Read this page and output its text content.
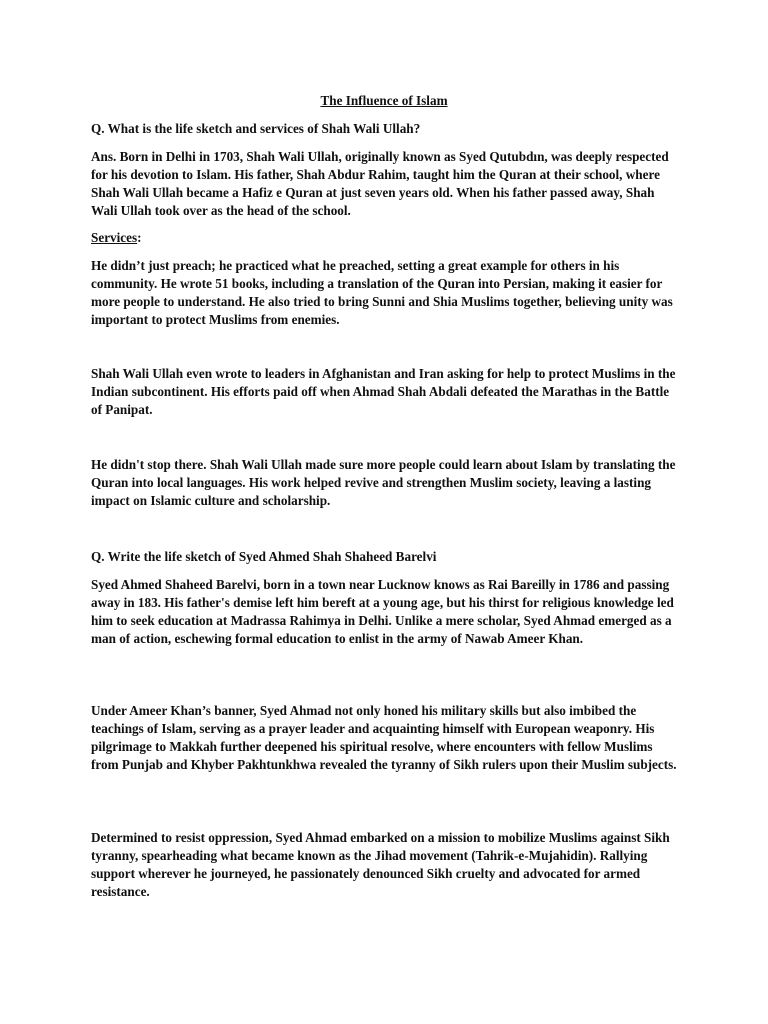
The Influence of Islam

Q. What is the life sketch and services of Shah Wali Ullah?

Ans. Born in Delhi in 1703, Shah Wali Ullah, originally known as Syed Qutubdın, was deeply respected for his devotion to Islam. His father, Shah Abdur Rahim, taught him the Quran at their school, where Shah Wali Ullah became a Hafiz e Quran at just seven years old. When his father passed away, Shah Wali Ullah took over as the head of the school.

Services:

He didn’t just preach; he practiced what he preached, setting a great example for others in his community. He wrote 51 books, including a translation of the Quran into Persian, making it easier for more people to understand. He also tried to bring Sunni and Shia Muslims together, believing unity was important to protect Muslims from enemies.

Shah Wali Ullah even wrote to leaders in Afghanistan and Iran asking for help to protect Muslims in the Indian subcontinent. His efforts paid off when Ahmad Shah Abdali defeated the Marathas in the Battle of Panipat.

He didn't stop there. Shah Wali Ullah made sure more people could learn about Islam by translating the Quran into local languages. His work helped revive and strengthen Muslim society, leaving a lasting impact on Islamic culture and scholarship.

Q. Write the life sketch of Syed Ahmed Shah Shaheed Barelvi

Syed Ahmed Shaheed Barelvi, born in a town near Lucknow knows as Rai Bareilly in 1786 and passing away in 183. His father's demise left him bereft at a young age, but his thirst for religious knowledge led him to seek education at Madrassa Rahimya in Delhi. Unlike a mere scholar, Syed Ahmad emerged as a man of action, eschewing formal education to enlist in the army of Nawab Ameer Khan.

Under Ameer Khan’s banner, Syed Ahmad not only honed his military skills but also imbibed the teachings of Islam, serving as a prayer leader and acquainting himself with European weaponry. His pilgrimage to Makkah further deepened his spiritual resolve, where encounters with fellow Muslims from Punjab and Khyber Pakhtunkhwa revealed the tyranny of Sikh rulers upon their Muslim subjects.

Determined to resist oppression, Syed Ahmad embarked on a mission to mobilize Muslims against Sikh tyranny, spearheading what became known as the Jihad movement (Tahrik-e-Mujahidin). Rallying support wherever he journeyed, he passionately denounced Sikh cruelty and advocated for armed resistance.
